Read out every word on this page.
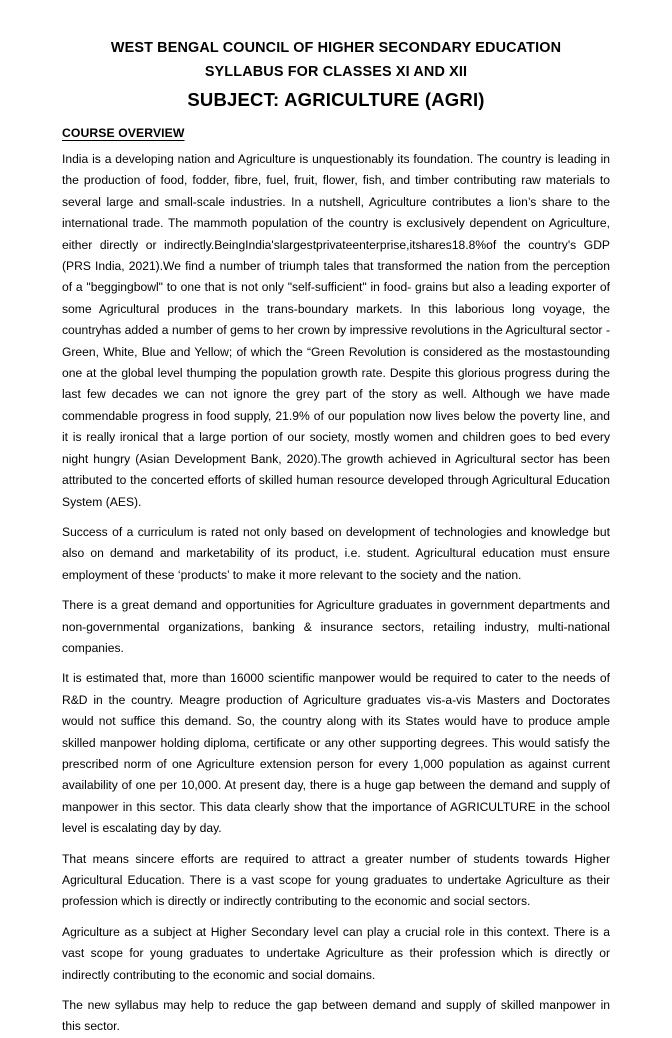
WEST BENGAL COUNCIL OF HIGHER SECONDARY EDUCATION
SYLLABUS FOR CLASSES XI AND XII
SUBJECT: AGRICULTURE (AGRI)
COURSE OVERVIEW

India is a developing nation and Agriculture is unquestionably its foundation. The country is leading in the production of food, fodder, fibre, fuel, fruit, flower, fish, and timber contributing raw materials to several large and small-scale industries. In a nutshell, Agriculture contributes a lion’s share to the international trade. The mammoth population of the country is exclusively dependent on Agriculture, either directly or indirectly.BeingIndia'slargestprivateenterprise,itshares18.8%of the country's GDP (PRS India, 2021).We find a number of triumph tales that transformed the nation from the perception of a "beggingbowl" to one that is not only "self-sufficient" in food- grains but also a leading exporter of some Agricultural produces in the trans-boundary markets. In this laborious long voyage, the countryhas added a number of gems to her crown by impressive revolutions in the Agricultural sector -Green, White, Blue and Yellow; of which the “Green Revolution is considered as the mostastounding one at the global level thumping the population growth rate. Despite this glorious progress during the last few decades we can not ignore the grey part of the story as well. Although we have made commendable progress in food supply, 21.9% of our population now lives below the poverty line, and it is really ironical that a large portion of our society, mostly women and children goes to bed every night hungry (Asian Development Bank, 2020).The growth achieved in Agricultural sector has been attributed to the concerted efforts of skilled human resource developed through Agricultural Education System (AES).

Success of a curriculum is rated not only based on development of technologies and knowledge but also on demand and marketability of its product, i.e. student. Agricultural education must ensure employment of these ‘products’ to make it more relevant to the society and the nation.

There is a great demand and opportunities for Agriculture graduates in government departments and non-governmental organizations, banking & insurance sectors, retailing industry, multi-national companies.

It is estimated that, more than 16000 scientific manpower would be required to cater to the needs of R&D in the country. Meagre production of Agriculture graduates vis-a-vis Masters and Doctorates would not suffice this demand. So, the country along with its States would have to produce ample skilled manpower holding diploma, certificate or any other supporting degrees. This would satisfy the prescribed norm of one Agriculture extension person for every 1,000 population as against current availability of one per 10,000. At present day, there is a huge gap between the demand and supply of manpower in this sector. This data clearly show that the importance of AGRICULTURE in the school level is escalating day by day.

That means sincere efforts are required to attract a greater number of students towards Higher Agricultural Education. There is a vast scope for young graduates to undertake Agriculture as their profession which is directly or indirectly contributing to the economic and social sectors.

Agriculture as a subject at Higher Secondary level can play a crucial role in this context. There is a vast scope for young graduates to undertake Agriculture as their profession which is directly or indirectly contributing to the economic and social domains.

The new syllabus may help to reduce the gap between demand and supply of skilled manpower in this sector.
